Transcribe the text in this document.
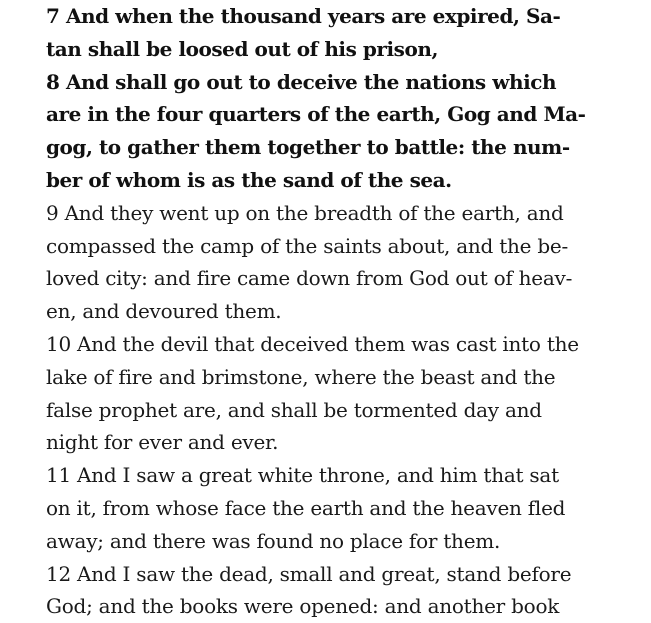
7 And when the thousand years are expired, Sa-
tan shall be loosed out of his prison,
8 And shall go out to deceive the nations which
are in the four quarters of the earth, Gog and Ma-
gog, to gather them together to battle: the num-
ber of whom is as the sand of the sea.
9 And they went up on the breadth of the earth, and
compassed the camp of the saints about, and the be-
loved city: and fire came down from God out of heav-
en, and devoured them.
10 And the devil that deceived them was cast into the
lake of fire and brimstone, where the beast and the
false prophet are, and shall be tormented day and
night for ever and ever.
11 And I saw a great white throne, and him that sat
on it, from whose face the earth and the heaven fled
away; and there was found no place for them.
12 And I saw the dead, small and great, stand before
God; and the books were opened: and another book
